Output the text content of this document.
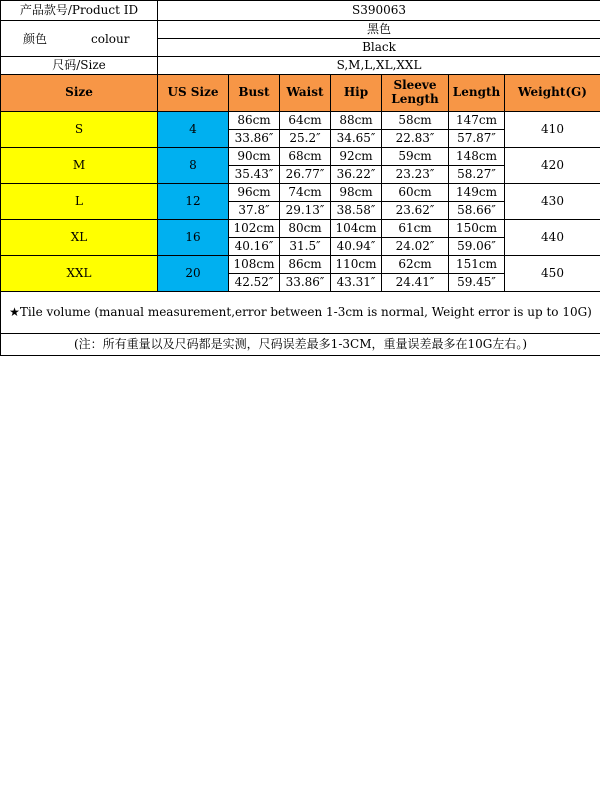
产品款号/Product ID	S390063						

颜色 colour	黑色						
	Black						
尺码/Size	S,M,L,XL,XXL						
Size	US Size	Bust	Waist	Hip	Sleeve Length	Length	Weight(G)
S	4	86cm	64cm	88cm	58cm	147cm	410
		33.86″	25.2″	34.65″	22.83″	57.87″	
M	8	90cm	68cm	92cm	59cm	148cm	420
		35.43″	26.77″	36.22″	23.23″	58.27″	
L	12	96cm	74cm	98cm	60cm	149cm	430
		37.8″	29.13″	38.58″	23.62″	58.66″	
XL	16	102cm	80cm	104cm	61cm	150cm	440
		40.16″	31.5″	40.94″	24.02″	59.06″	
XXL	20	108cm	86cm	110cm	62cm	151cm	450
		42.52″	33.86″	43.31″	24.41″	59.45″	

★Tile volume (manual measurement,error between 1-3cm is normal, Weight error is up to 10G)							

(注：所有重量以及尺码都是实测，尺码误差最多1-3CM，重量误差最多在10G左右。)							
